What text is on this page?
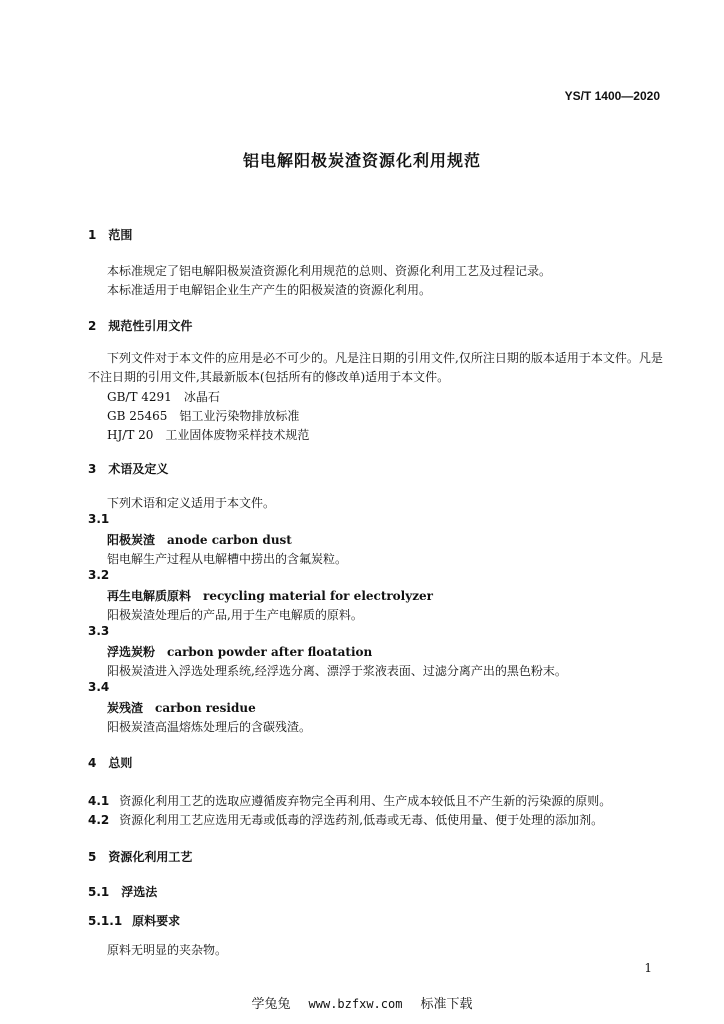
YS/T 1400—2020
铝电解阳极炭渣资源化利用规范
1 范围
本标准规定了铝电解阳极炭渣资源化利用规范的总则、资源化利用工艺及过程记录。
本标准适用于电解铝企业生产产生的阳极炭渣的资源化利用。
2 规范性引用文件
下列文件对于本文件的应用是必不可少的。凡是注日期的引用文件,仅所注日期的版本适用于本文件。凡是不注日期的引用文件,其最新版本(包括所有的修改单)适用于本文件。
GB/T 4291 冰晶石
GB 25465 铝工业污染物排放标准
HJ/T 20 工业固体废物采样技术规范
3 术语及定义
下列术语和定义适用于本文件。
3.1
阳极炭渣 anode carbon dust
铝电解生产过程从电解槽中捞出的含氟炭粒。
3.2
再生电解质原料 recycling material for electrolyzer
阳极炭渣处理后的产品,用于生产电解质的原料。
3.3
浮选炭粉 carbon powder after floatation
阳极炭渣进入浮选处理系统,经浮选分离、漂浮于浆液表面、过滤分离产出的黑色粉末。
3.4
炭残渣 carbon residue
阳极炭渣高温熔炼处理后的含碳残渣。
4 总则
4.1 资源化利用工艺的选取应遵循废弃物完全再利用、生产成本较低且不产生新的污染源的原则。
4.2 资源化利用工艺应选用无毒或低毒的浮选药剂,低毒或无毒、低使用量、便于处理的添加剂。
5 资源化利用工艺
5.1 浮选法
5.1.1 原料要求
原料无明显的夹杂物。
1
学兔兔 www.bzfxw.com 标准下载
